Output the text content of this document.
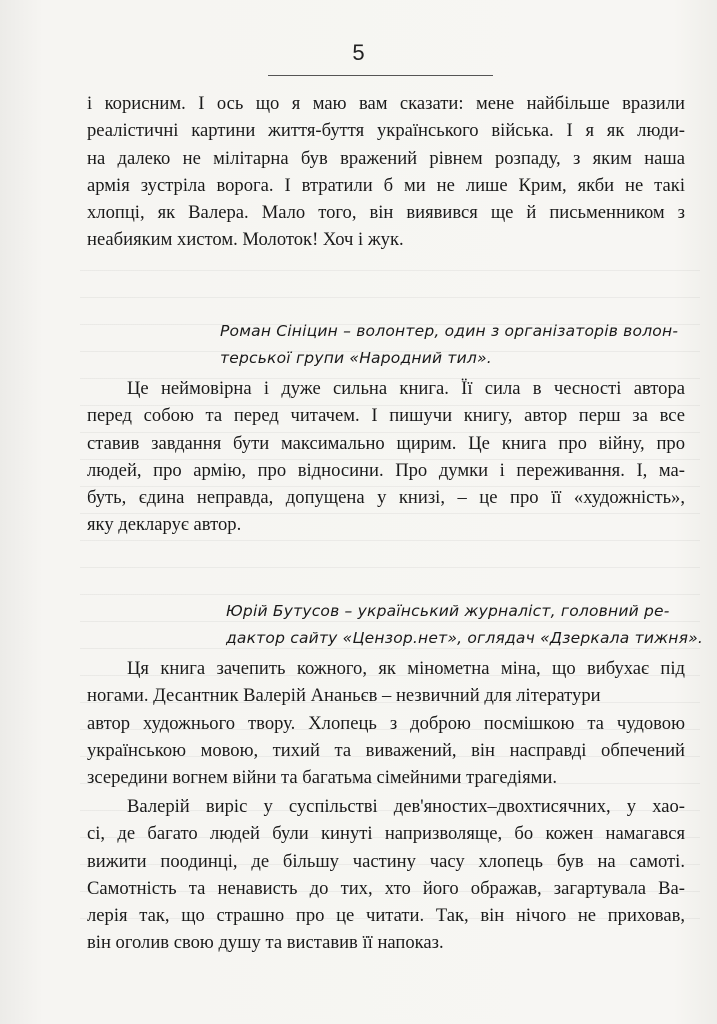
5
і корисним. І ось що я маю вам сказати: мене найбільше вразили
реалістичні картини життя-буття українського війська. І я як люди-
на далеко не мілітарна був вражений рівнем розпаду, з яким наша
армія зустріла ворога. І втратили б ми не лише Крим, якби не такі
хлопці, як Валера. Мало того, він виявився ще й письменником з
неабияким хистом. Молоток! Хоч і жук.
Роман Сініцин – волонтер, один з організаторів волон-
терської групи «Народний тил».
Це неймовірна і дуже сильна книга. Її сила в чесності автора
перед собою та перед читачем. І пишучи книгу, автор перш за все
ставив завдання бути максимально щирим. Це книга про війну, про
людей, про армію, про відносини. Про думки і переживання. І, ма-
буть, єдина неправда, допущена у книзі, – це про її «художність»,
яку декларує автор.
Юрій Бутусов – український журналіст, головний ре-
дактор сайту «Цензор.нет», оглядач «Дзеркала тижня».
Ця книга зачепить кожного, як мінометна міна, що вибухає під
ногами. Десантник Валерій Ананьєв – незвичний для літератури
автор художнього твору. Хлопець з доброю посмішкою та чудовою
українською мовою, тихий та виважений, він насправді обпечений
зсередини вогнем війни та багатьма сімейними трагедіями.
Валерій виріс у суспільстві дев'яностих–двохтисячних, у хао-
сі, де багато людей були кинуті напризволяще, бо кожен намагався
вижити поодинці, де більшу частину часу хлопець був на самоті.
Самотність та ненависть до тих, хто його ображав, загартувала Ва-
лерія так, що страшно про це читати. Так, він нічого не приховав,
він оголив свою душу та виставив її напоказ.
